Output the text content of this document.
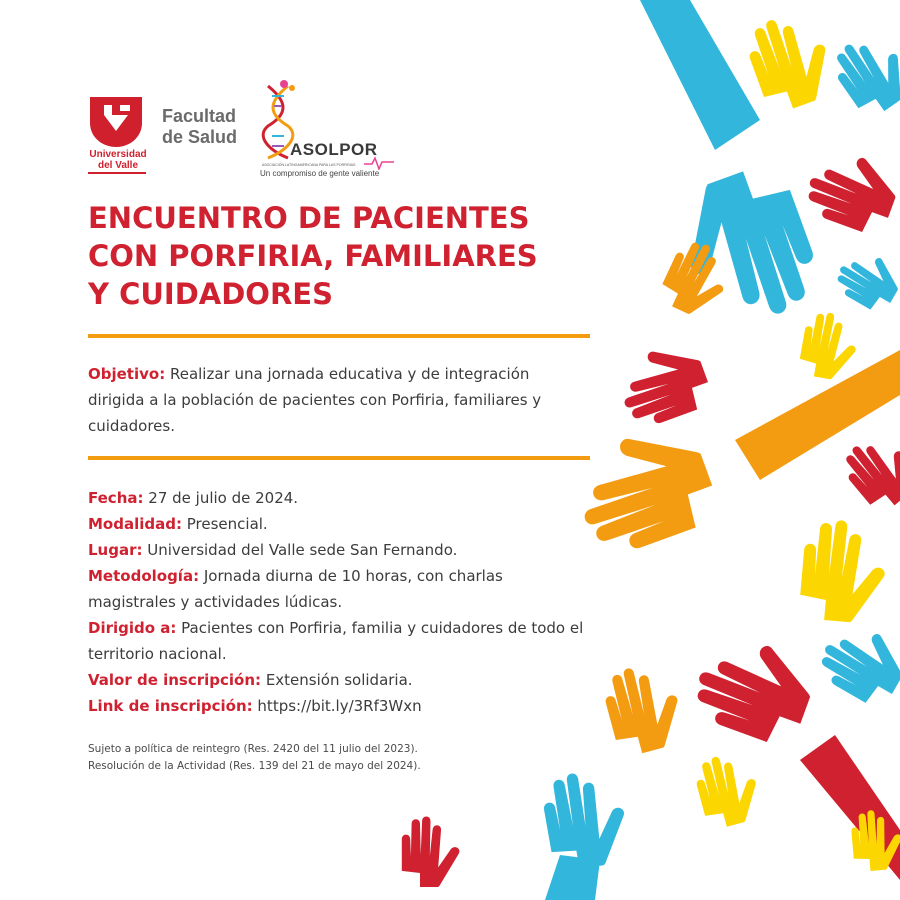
Universidad del Valle
Facultad
de Salud
ASOLPOR
ASOCIACIÓN LATINOAMERICANA PARA LAS PORFIRIAS
Un compromiso de gente valiente
ENCUENTRO DE PACIENTES
CON PORFIRIA, FAMILIARES
Y CUIDADORES
Objetivo: Realizar una jornada educativa y de integración dirigida a la población de pacientes con Porfiria, familiares y cuidadores.
Fecha: 27 de julio de 2024.
Modalidad: Presencial.
Lugar: Universidad del Valle sede San Fernando.
Metodología: Jornada diurna de 10 horas, con charlas magistrales y actividades lúdicas.
Dirigido a: Pacientes con Porfiria, familia y cuidadores de todo el territorio nacional.
Valor de inscripción: Extensión solidaria.
Link de inscripción: https://bit.ly/3Rf3Wxn
Sujeto a política de reintegro (Res. 2420 del 11 julio del 2023).
Resolución de la Actividad (Res. 139 del 21 de mayo del 2024).
